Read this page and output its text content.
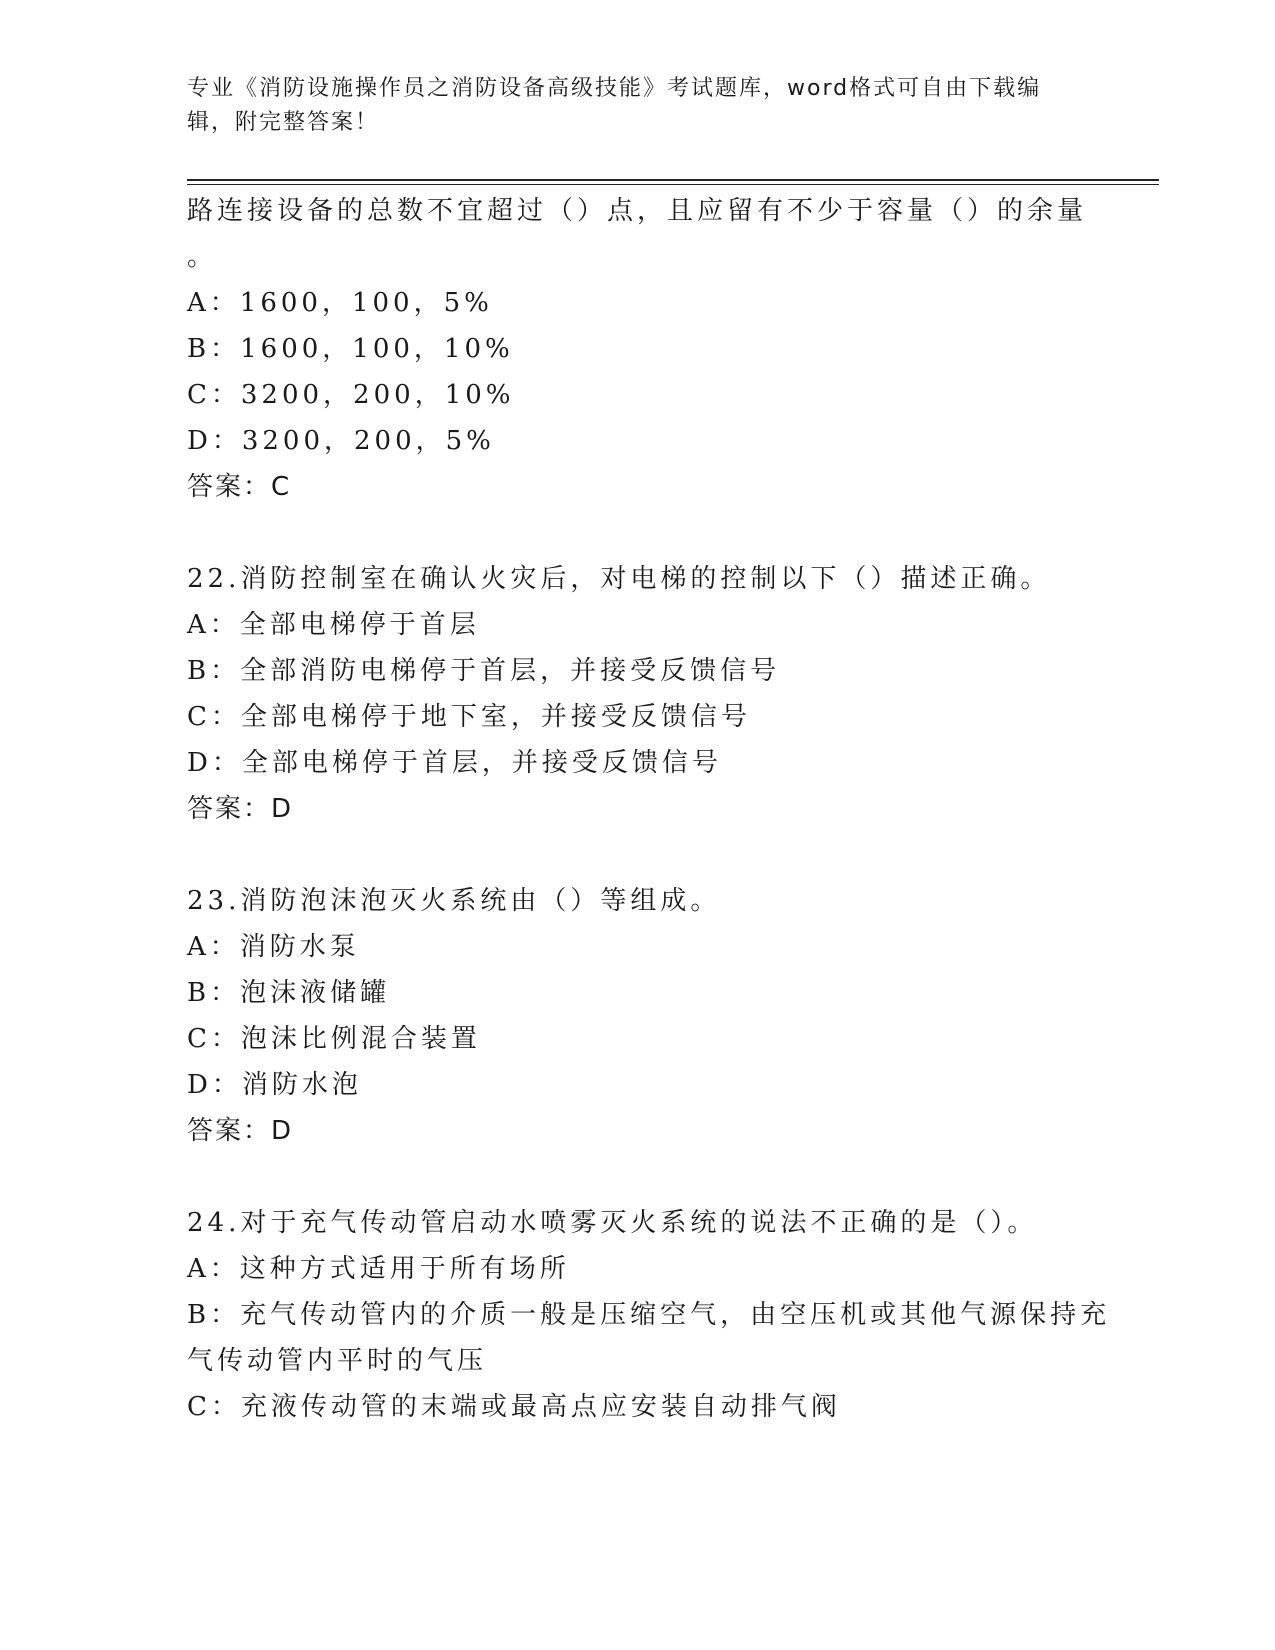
专业《消防设施操作员之消防设备高级技能》考试题库，word格式可自由下载编辑，附完整答案！
路连接设备的总数不宜超过（）点，且应留有不少于容量（）的余量
。
A：1600，100，5%
B：1600，100，10%
C：3200，200，10%
D：3200，200，5%
答案：C
22.消防控制室在确认火灾后，对电梯的控制以下（）描述正确。
A：全部电梯停于首层
B：全部消防电梯停于首层，并接受反馈信号
C：全部电梯停于地下室，并接受反馈信号
D：全部电梯停于首层，并接受反馈信号
答案：D
23.消防泡沫泡灭火系统由（）等组成。
A：消防水泵
B：泡沫液储罐
C：泡沫比例混合装置
D：消防水泡
答案：D
24.对于充气传动管启动水喷雾灭火系统的说法不正确的是（）。
A：这种方式适用于所有场所
B：充气传动管内的介质一般是压缩空气，由空压机或其他气源保持充
气传动管内平时的气压
C：充液传动管的末端或最高点应安装自动排气阀
